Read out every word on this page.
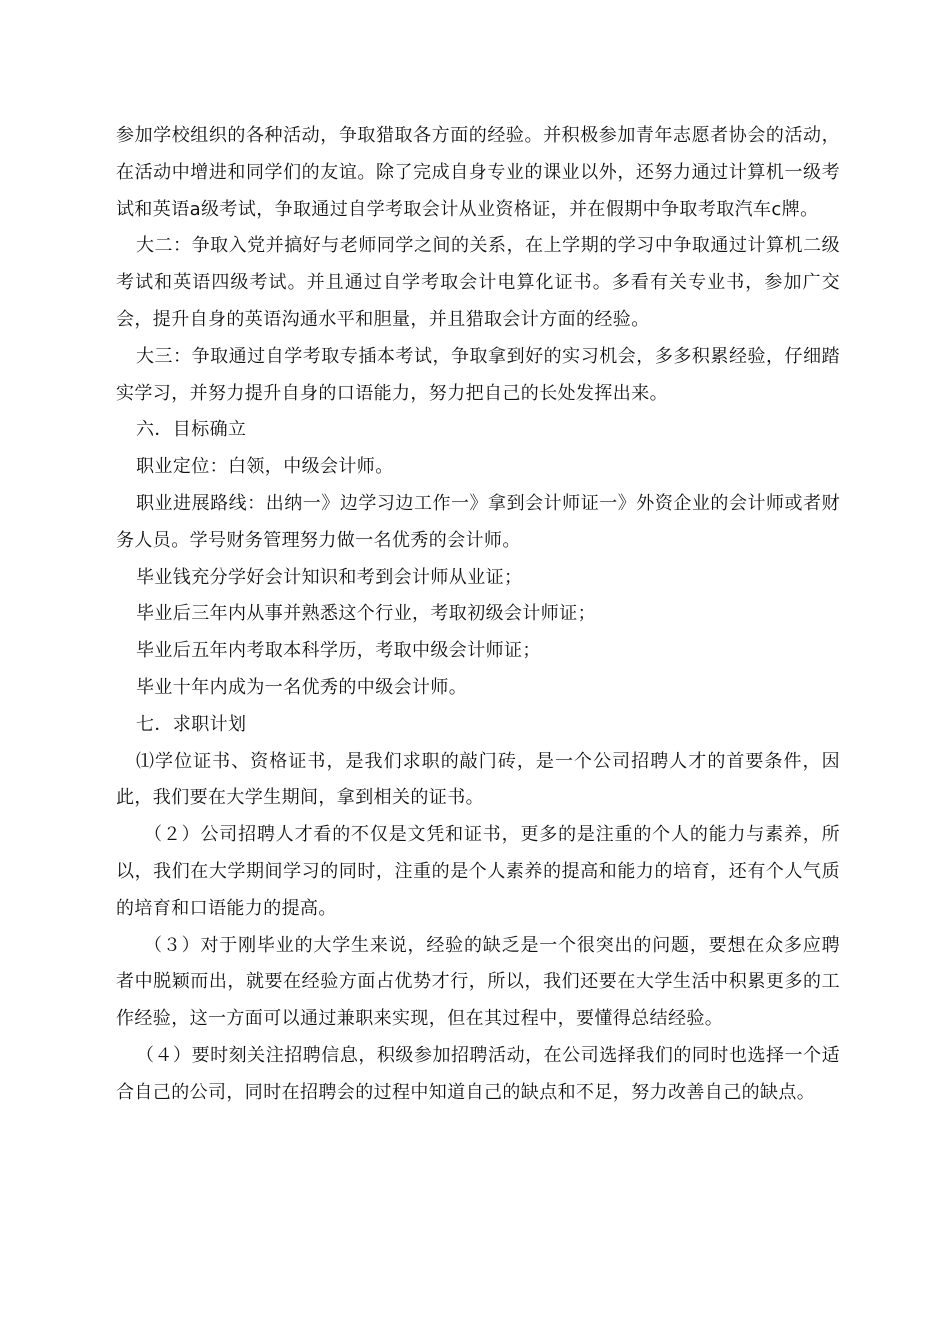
参加学校组织的各种活动，争取猎取各方面的经验。并积极参加青年志愿者协会的活动，在活动中增进和同学们的友谊。除了完成自身专业的课业以外，还努力通过计算机一级考试和英语a级考试，争取通过自学考取会计从业资格证，并在假期中争取考取汽车c牌。

大二：争取入党并搞好与老师同学之间的关系，在上学期的学习中争取通过计算机二级考试和英语四级考试。并且通过自学考取会计电算化证书。多看有关专业书，参加广交会，提升自身的英语沟通水平和胆量，并且猎取会计方面的经验。

大三：争取通过自学考取专插本考试，争取拿到好的实习机会，多多积累经验，仔细踏实学习，并努力提升自身的口语能力，努力把自己的长处发挥出来。

六．目标确立

职业定位：白领，中级会计师。

职业进展路线：出纳一》边学习边工作一》拿到会计师证一》外资企业的会计师或者财务人员。学号财务管理努力做一名优秀的会计师。

毕业钱充分学好会计知识和考到会计师从业证；

毕业后三年内从事并熟悉这个行业，考取初级会计师证；

毕业后五年内考取本科学历，考取中级会计师证；

毕业十年内成为一名优秀的中级会计师。

七．求职计划

⑴学位证书、资格证书，是我们求职的敲门砖，是一个公司招聘人才的首要条件，因此，我们要在大学生期间，拿到相关的证书。

（２）公司招聘人才看的不仅是文凭和证书，更多的是注重的个人的能力与素养，所以，我们在大学期间学习的同时，注重的是个人素养的提高和能力的培育，还有个人气质的培育和口语能力的提高。

（３）对于刚毕业的大学生来说，经验的缺乏是一个很突出的问题，要想在众多应聘者中脱颖而出，就要在经验方面占优势才行，所以，我们还要在大学生活中积累更多的工作经验，这一方面可以通过兼职来实现，但在其过程中，要懂得总结经验。

（４）要时刻关注招聘信息，积级参加招聘活动，在公司选择我们的同时也选择一个适合自己的公司，同时在招聘会的过程中知道自己的缺点和不足，努力改善自己的缺点。
